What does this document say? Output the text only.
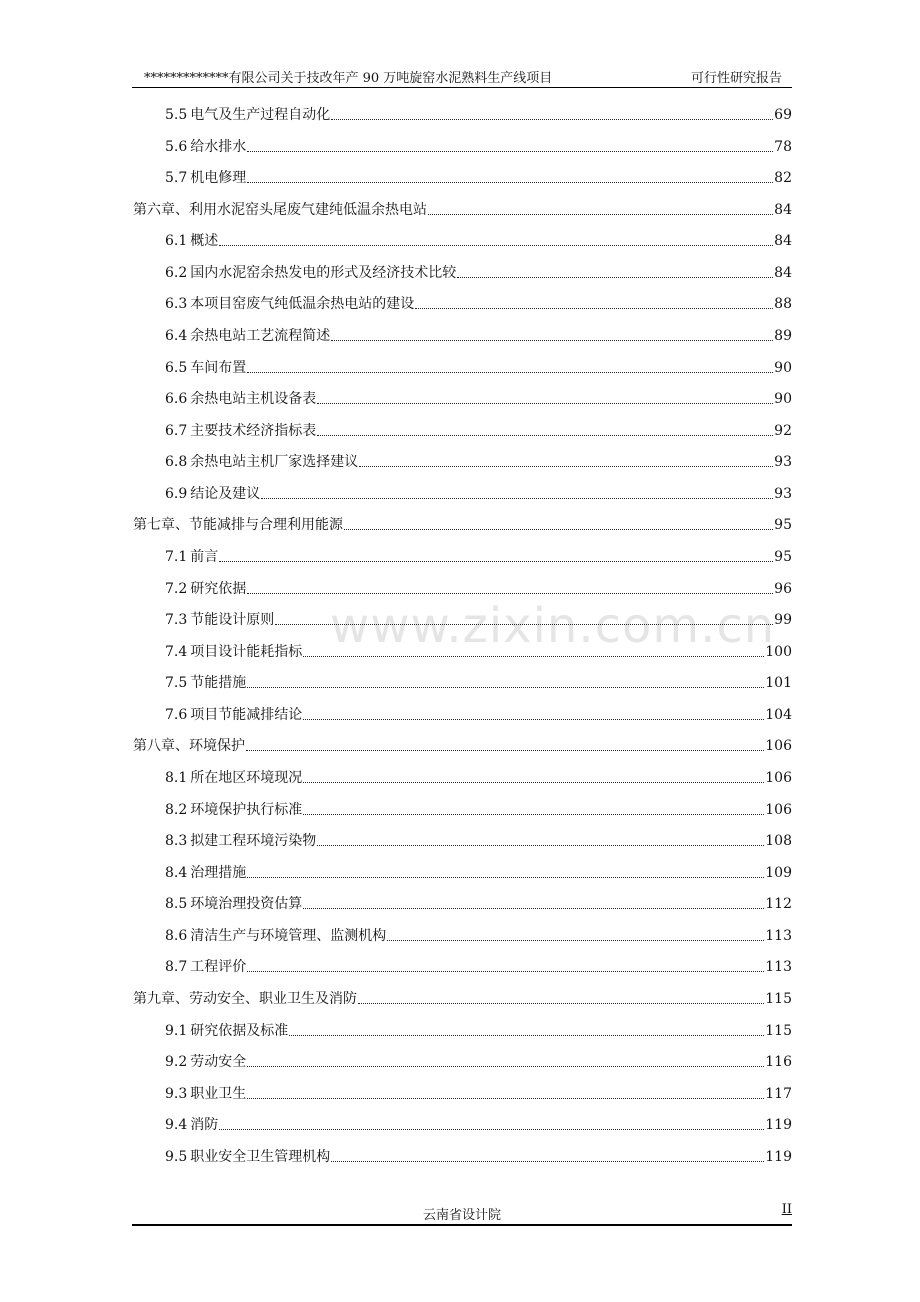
*************有限公司关于技改年产 90 万吨旋窑水泥熟料生产线项目	可行性研究报告
www.zixin.com.cn
5.5 电气及生产过程自动化	69
5.6 给水排水	78
5.7 机电修理	82
第六章、利用水泥窑头尾废气建纯低温余热电站	84
6.1 概述	84
6.2 国内水泥窑余热发电的形式及经济技术比较	84
6.3 本项目窑废气纯低温余热电站的建设	88
6.4 余热电站工艺流程简述	89
6.5 车间布置	90
6.6 余热电站主机设备表	90
6.7 主要技术经济指标表	92
6.8 余热电站主机厂家选择建议	93
6.9 结论及建议	93
第七章、节能减排与合理利用能源	95
7.1 前言	95
7.2 研究依据	96
7.3 节能设计原则	99
7.4 项目设计能耗指标	100
7.5 节能措施	101
7.6 项目节能减排结论	104
第八章、环境保护	106
8.1 所在地区环境现况	106
8.2 环境保护执行标准	106
8.3 拟建工程环境污染物	108
8.4 治理措施	109
8.5 环境治理投资估算	112
8.6 清洁生产与环境管理、监测机构	113
8.7 工程评价	113
第九章、劳动安全、职业卫生及消防	115
9.1 研究依据及标准	115
9.2 劳动安全	116
9.3 职业卫生	117
9.4 消防	119
9.5 职业安全卫生管理机构	119
云南省设计院	II
